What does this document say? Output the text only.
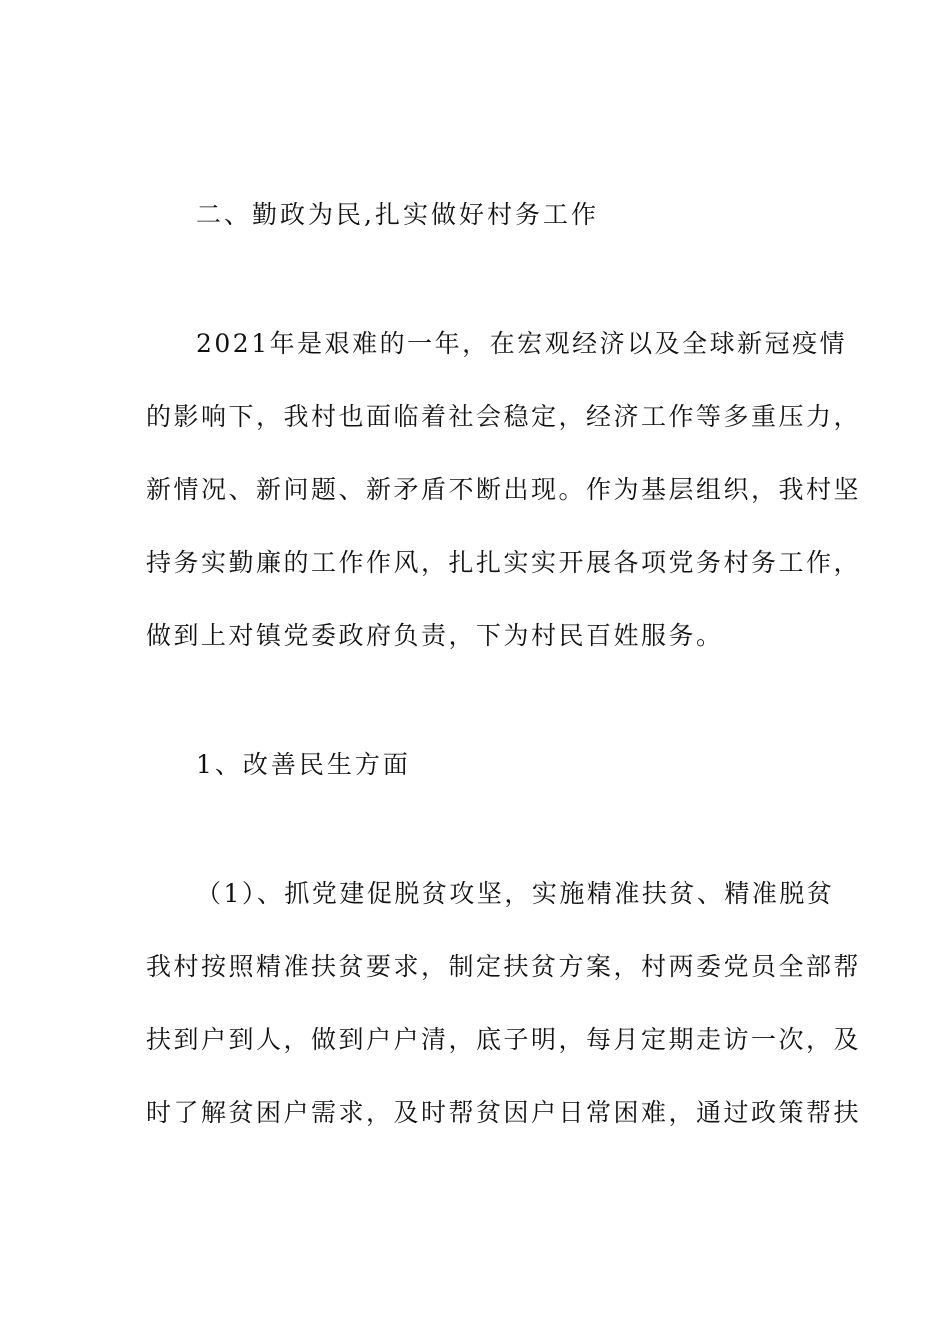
二、勤政为民,扎实做好村务工作
2021年是艰难的一年，在宏观经济以及全球新冠疫情
的影响下，我村也面临着社会稳定，经济工作等多重压力，
新情况、新问题、新矛盾不断出现。作为基层组织，我村坚
持务实勤廉的工作作风，扎扎实实开展各项党务村务工作，
做到上对镇党委政府负责，下为村民百姓服务。
1、改善民生方面
（1）、抓党建促脱贫攻坚，实施精准扶贫、精准脱贫
我村按照精准扶贫要求，制定扶贫方案，村两委党员全部帮
扶到户到人，做到户户清，底子明，每月定期走访一次，及
时了解贫困户需求，及时帮贫因户日常困难，通过政策帮扶
